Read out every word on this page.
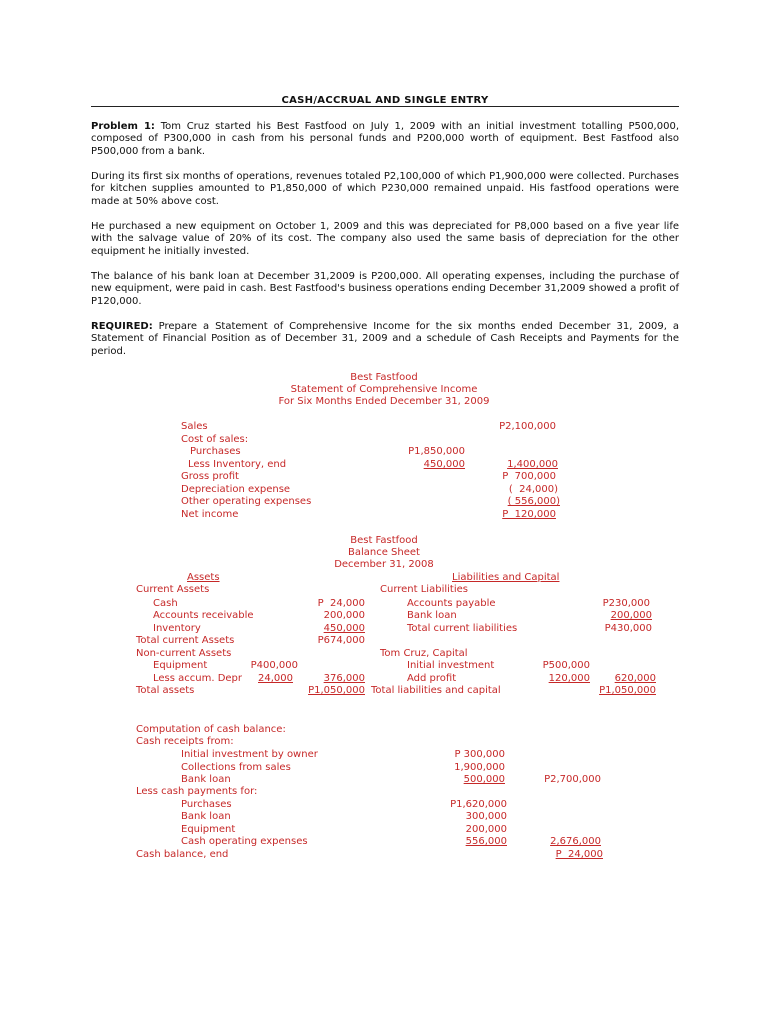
CASH/ACCRUAL AND SINGLE ENTRY
Problem 1: Tom Cruz started his Best Fastfood on July 1, 2009 with an initial investment totalling P500,000, composed of P300,000 in cash from his personal funds and P200,000 worth of equipment. Best Fastfood also P500,000 from a bank.
During its first six months of operations, revenues totaled P2,100,000 of which P1,900,000 were collected. Purchases for kitchen supplies amounted to P1,850,000 of which P230,000 remained unpaid. His fastfood operations were made at 50% above cost.
He purchased a new equipment on October 1, 2009 and this was depreciated for P8,000 based on a five year life with the salvage value of 20% of its cost. The company also used the same basis of depreciation for the other equipment he initially invested.
The balance of his bank loan at December 31,2009 is P200,000. All operating expenses, including the purchase of new equipment, were paid in cash. Best Fastfood's business operations ending December 31,2009 showed a profit of P120,000.
REQUIRED: Prepare a Statement of Comprehensive Income for the six months ended December 31, 2009, a Statement of Financial Position as of December 31, 2009 and a schedule of Cash Receipts and Payments for the period.
Best Fastfood
Statement of Comprehensive Income
For Six Months Ended December 31, 2009
Sales	P2,100,000
Cost of sales:
Purchases	P1,850,000
Less Inventory, end	450,000	1,400,000
Gross profit	P  700,000
Depreciation expense	(  24,000)
Other operating expenses	( 556,000)
Net income	P  120,000
Best Fastfood
Balance Sheet
December 31, 2008
Assets	Liabilities and Capital
Current Assets	Current Liabilities
Cash	P  24,000	Accounts payable	P230,000
Accounts receivable	200,000	Bank loan	200,000
Inventory	450,000	Total current liabilities	P430,000
Total current Assets	P674,000
Non-current Assets	Tom Cruz, Capital
Equipment	P400,000	Initial investment	P500,000
Less accum. Depr	24,000	376,000	Add profit	120,000	620,000
Total assets	P1,050,000 Total liabilities and capital	P1,050,000
Computation of cash balance:
Cash receipts from:
Initial investment by owner	P 300,000
Collections from sales	1,900,000
Bank loan	500,000	P2,700,000
Less cash payments for:
Purchases	P1,620,000
Bank loan	300,000
Equipment	200,000
Cash operating expenses	556,000	2,676,000
Cash balance, end	P  24,000
